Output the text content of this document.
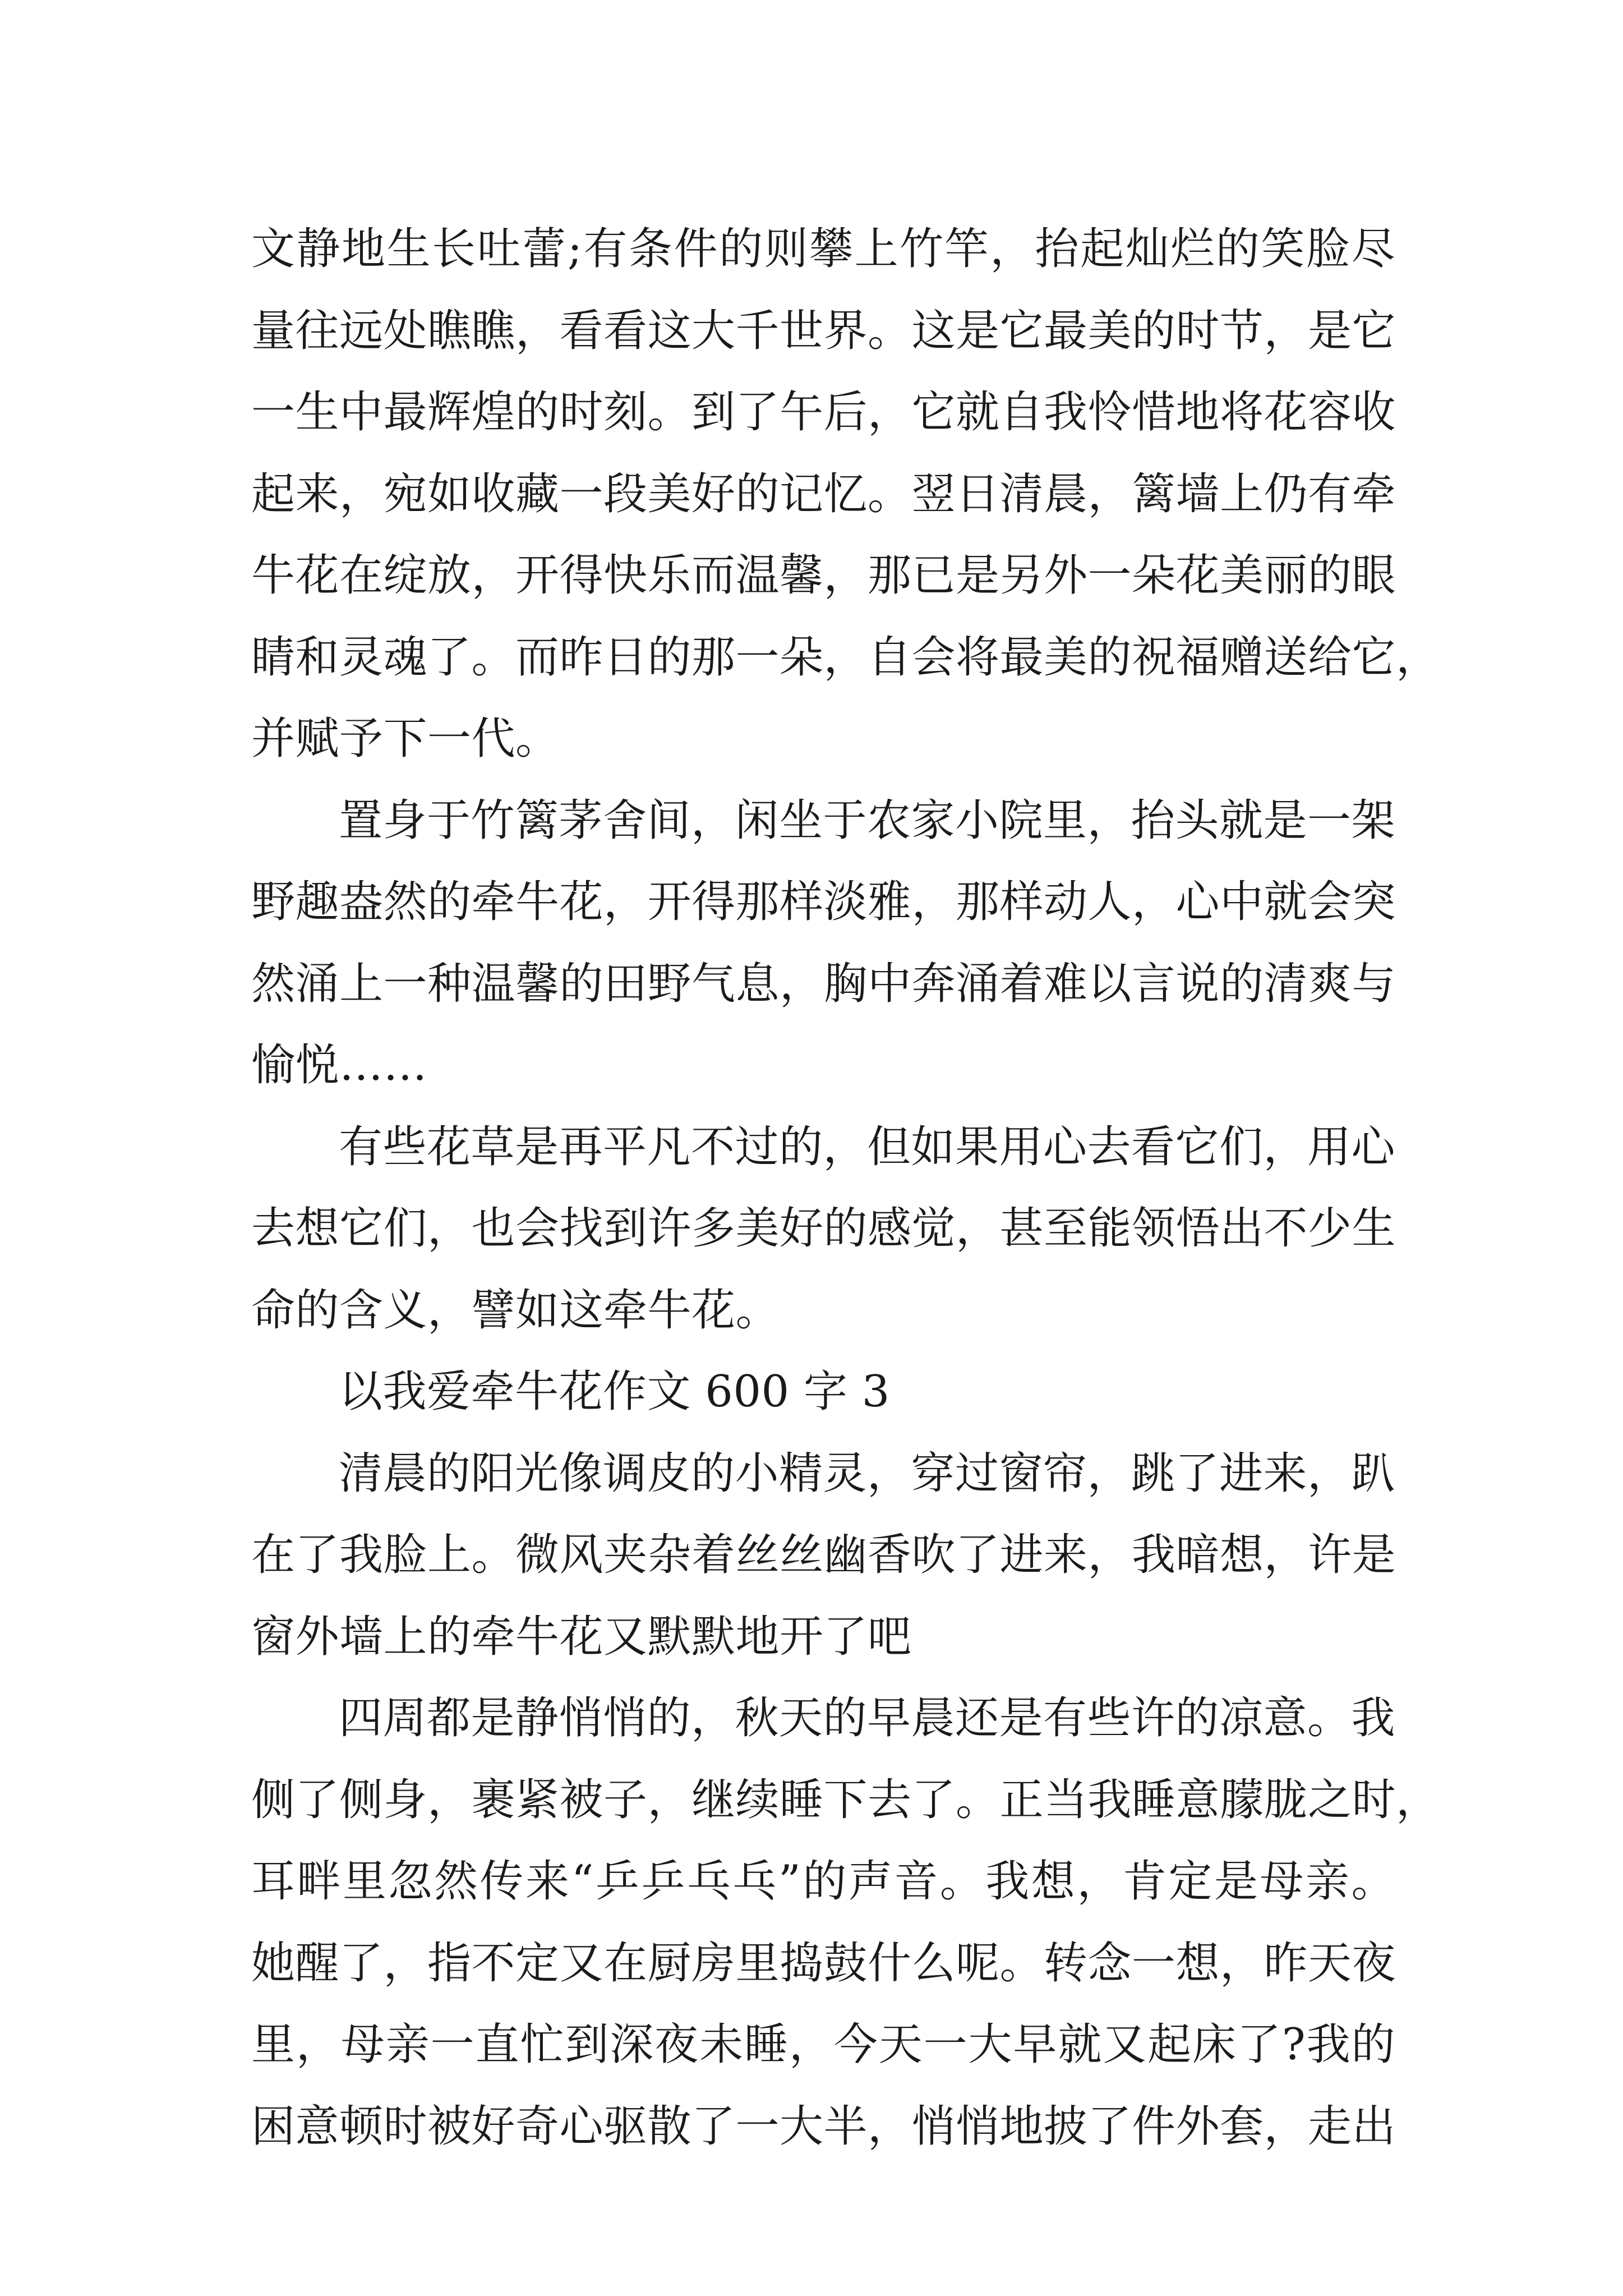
文静地生长吐蕾;有条件的则攀上竹竿，抬起灿烂的笑脸尽
量往远处瞧瞧，看看这大千世界。这是它最美的时节，是它
一生中最辉煌的时刻。到了午后，它就自我怜惜地将花容收
起来，宛如收藏一段美好的记忆。翌日清晨，篱墙上仍有牵
牛花在绽放，开得快乐而温馨，那已是另外一朵花美丽的眼
睛和灵魂了。而昨日的那一朵，自会将最美的祝福赠送给它，
并赋予下一代。
置身于竹篱茅舍间，闲坐于农家小院里，抬头就是一架
野趣盎然的牵牛花，开得那样淡雅，那样动人，心中就会突
然涌上一种温馨的田野气息，胸中奔涌着难以言说的清爽与
愉悦……
有些花草是再平凡不过的，但如果用心去看它们，用心
去想它们，也会找到许多美好的感觉，甚至能领悟出不少生
命的含义，譬如这牵牛花。
以我爱牵牛花作文 600 字 3
清晨的阳光像调皮的小精灵，穿过窗帘，跳了进来，趴
在了我脸上。微风夹杂着丝丝幽香吹了进来，我暗想，许是
窗外墙上的牵牛花又默默地开了吧
四周都是静悄悄的，秋天的早晨还是有些许的凉意。我
侧了侧身，裹紧被子，继续睡下去了。正当我睡意朦胧之时，
耳畔里忽然传来“乒乒乓乓”的声音。我想，肯定是母亲。
她醒了，指不定又在厨房里捣鼓什么呢。转念一想，昨天夜
里，母亲一直忙到深夜未睡，今天一大早就又起床了?我的
困意顿时被好奇心驱散了一大半，悄悄地披了件外套，走出
